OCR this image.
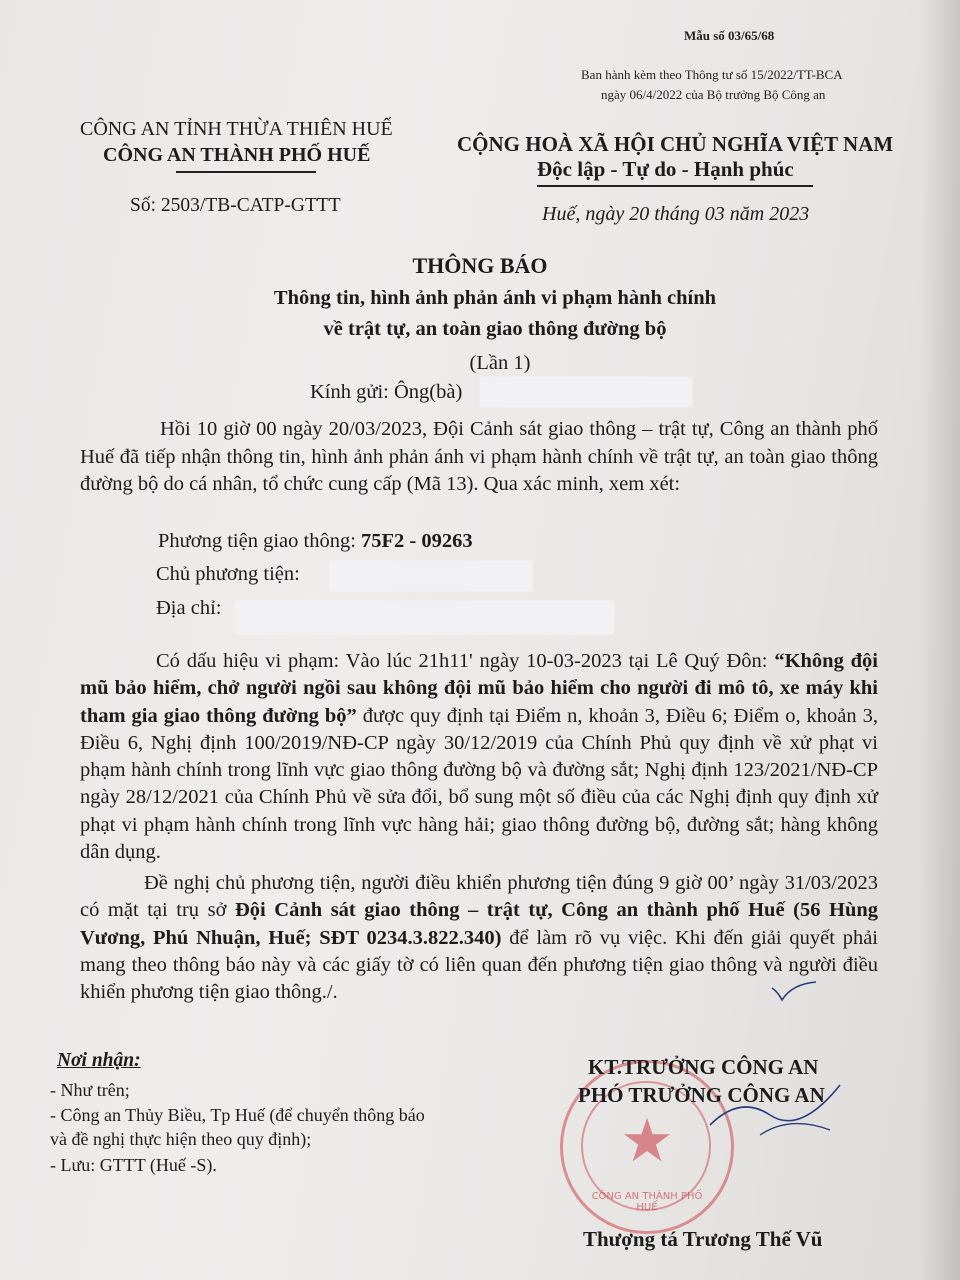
Mẫu số 03/65/68
Ban hành kèm theo Thông tư số 15/2022/TT-BCA
ngày 06/4/2022 của Bộ trưởng Bộ Công an
CÔNG AN TỈNH THỪA THIÊN HUẾ
CÔNG AN THÀNH PHỐ HUẾ
Số: 2503/TB-CATP-GTTT
CỘNG HOÀ XÃ HỘI CHỦ NGHĨA VIỆT NAM
Độc lập - Tự do - Hạnh phúc
Huế, ngày 20 tháng 03 năm 2023
THÔNG BÁO
Thông tin, hình ảnh phản ánh vi phạm hành chính
về trật tự, an toàn giao thông đường bộ
(Lần 1)
Kính gửi: Ông(bà)
Hồi 10 giờ 00 ngày 20/03/2023, Đội Cảnh sát giao thông – trật tự, Công an thành phố Huế đã tiếp nhận thông tin, hình ảnh phản ánh vi phạm hành chính về trật tự, an toàn giao thông đường bộ do cá nhân, tổ chức cung cấp (Mã 13). Qua xác minh, xem xét:
Phương tiện giao thông: 75F2 - 09263
Chủ phương tiện:
Địa chỉ:
Có dấu hiệu vi phạm: Vào lúc 21h11' ngày 10-03-2023 tại Lê Quý Đôn: “Không đội mũ bảo hiểm, chở người ngồi sau không đội mũ bảo hiểm cho người đi mô tô, xe máy khi tham gia giao thông đường bộ” được quy định tại Điểm n, khoản 3, Điều 6; Điểm o, khoản 3, Điều 6, Nghị định 100/2019/NĐ-CP ngày 30/12/2019 của Chính Phủ quy định về xử phạt vi phạm hành chính trong lĩnh vực giao thông đường bộ và đường sắt; Nghị định 123/2021/NĐ-CP ngày 28/12/2021 của Chính Phủ về sửa đổi, bổ sung một số điều của các Nghị định quy định xử phạt vi phạm hành chính trong lĩnh vực hàng hải; giao thông đường bộ, đường sắt; hàng không dân dụng.
Đề nghị chủ phương tiện, người điều khiển phương tiện đúng 9 giờ 00’ ngày 31/03/2023 có mặt tại trụ sở Đội Cảnh sát giao thông – trật tự, Công an thành phố Huế (56 Hùng Vương, Phú Nhuận, Huế; SĐT 0234.3.822.340) để làm rõ vụ việc. Khi đến giải quyết phải mang theo thông báo này và các giấy tờ có liên quan đến phương tiện giao thông và người điều khiển phương tiện giao thông./.
Nơi nhận:
- Như trên;
- Công an Thủy Biều, Tp Huế (để chuyển thông báo
và đề nghị thực hiện theo quy định);
- Lưu: GTTT (Huế -S).	★
CÔNG AN THÀNH PHỐ HUẾ
KT.TRƯỞNG CÔNG AN
PHÓ TRƯỞNG CÔNG AN
Thượng tá Trương Thế Vũ
